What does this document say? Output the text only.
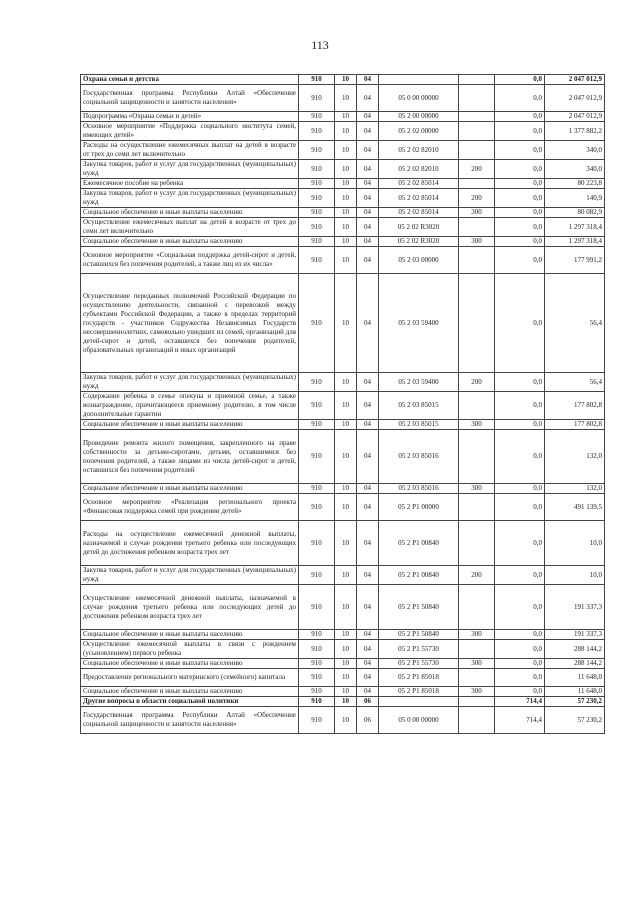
113
Охрана семьи и детства	910	10	04			0,0	2 047 012,9
Государственная программа Республики Алтай «Обеспечение социальной защищенности и занятости населения»	910	10	04	05 0 00 00000		0,0	2 047 012,9
Подпрограмма «Охрана семьи и детей»	910	10	04	05 2 00 00000		0,0	2 047 012,9
Основное мероприятие «Поддержка социального института семей, имеющих детей»	910	10	04	05 2 02 00000		0,0	1 377 882,2
Расходы на осуществление ежемесячных выплат на детей в возрасте от трех до семи лет включительно	910	10	04	05 2 02 82010		0,0	340,0
Закупка товаров, работ и услуг для государственных (муниципальных) нужд	910	10	04	05 2 02 82010	200	0,0	340,0
Ежемесячное пособие на ребенка	910	10	04	05 2 02 85014		0,0	80 223,8
Закупка товаров, работ и услуг для государственных (муниципальных) нужд	910	10	04	05 2 02 85014	200	0,0	140,9
Социальное обеспечение и иные выплаты населению	910	10	04	05 2 02 85014	300	0,0	80 082,9
Осуществление ежемесячных выплат на детей в возрасте от трех до семи лет включительно	910	10	04	05 2 02 R3020		0,0	1 297 318,4
Социальное обеспечение и иные выплаты населению	910	10	04	05 2 02 R3020	300	0,0	1 297 318,4
Основное мероприятие «Социальная поддержка детей-сирот и детей, оставшихся без попечения родителей, а также лиц из их числа»	910	10	04	05 2 03 00000		0,0	177 991,2
Осуществление переданных полномочий Российской Федерации по осуществлению деятельности, связанной с перевозкой между субъектами Российской Федерации, а также в пределах территорий государств - участников Содружества Независимых Государств несовершеннолетних, самовольно ушедших из семей, организаций для детей-сирот и детей, оставшихся без попечения родителей, образовательных организаций и иных организаций	910	10	04	05 2 03 59400		0,0	56,4
Закупка товаров, работ и услуг для государственных (муниципальных) нужд	910	10	04	05 2 03 59400	200	0,0	56,4
Содержание ребенка в семье опекуна и приемной семье, а также вознаграждение, причитающееся приемному родителю, в том числе дополнительные гарантии	910	10	04	05 2 03 85015		0,0	177 802,8
Социальное обеспечение и иные выплаты населению	910	10	04	05 2 03 85015	300	0,0	177 802,8
Проведение ремонта жилого помещения, закрепленного на праве собственности за детьми-сиротами, детьми, оставшимися без попечения родителей, а также лицами из числа детей-сирот и детей, оставшихся без попечения родителей	910	10	04	05 2 03 85016		0,0	132,0
Социальное обеспечение и иные выплаты населению	910	10	04	05 2 03 85016	300	0,0	132,0
Основное мероприятие «Реализация регионального проекта «Финансовая поддержка семей при рождении детей»	910	10	04	05 2 P1 00000		0,0	491 139,5
Расходы на осуществление ежемесячной денежной выплаты, назначаемой в случае рождения третьего ребенка или последующих детей до достижения ребенком возраста трех лет	910	10	04	05 2 P1 00840		0,0	10,0
Закупка товаров, работ и услуг для государственных (муниципальных) нужд	910	10	04	05 2 P1 00840	200	0,0	10,0
Осуществление ежемесячной денежной выплаты, назначаемой в случае рождения третьего ребенка или последующих детей до достижения ребенком возраста трех лет	910	10	04	05 2 P1 50840		0,0	191 337,3
Социальное обеспечение и иные выплаты населению	910	10	04	05 2 P1 50840	300	0,0	191 337,3
Осуществление ежемесячной выплаты в связи с рождением (усыновлением) первого ребенка	910	10	04	05 2 P1 55730		0,0	288 144,2
Социальное обеспечение и иные выплаты населению	910	10	04	05 2 P1 55730	300	0,0	288 144,2
Предоставление регионального материнского (семейного) капитала	910	10	04	05 2 P1 85018		0,0	11 648,0
Социальное обеспечение и иные выплаты населению	910	10	04	05 2 P1 85018	300	0,0	11 648,0
Другие вопросы в области социальной политики	910	10	06			714,4	57 230,2
Государственная программа Республики Алтай «Обеспечение социальной защищенности и занятости населения»	910	10	06	05 0 00 00000		714,4	57 230,2
